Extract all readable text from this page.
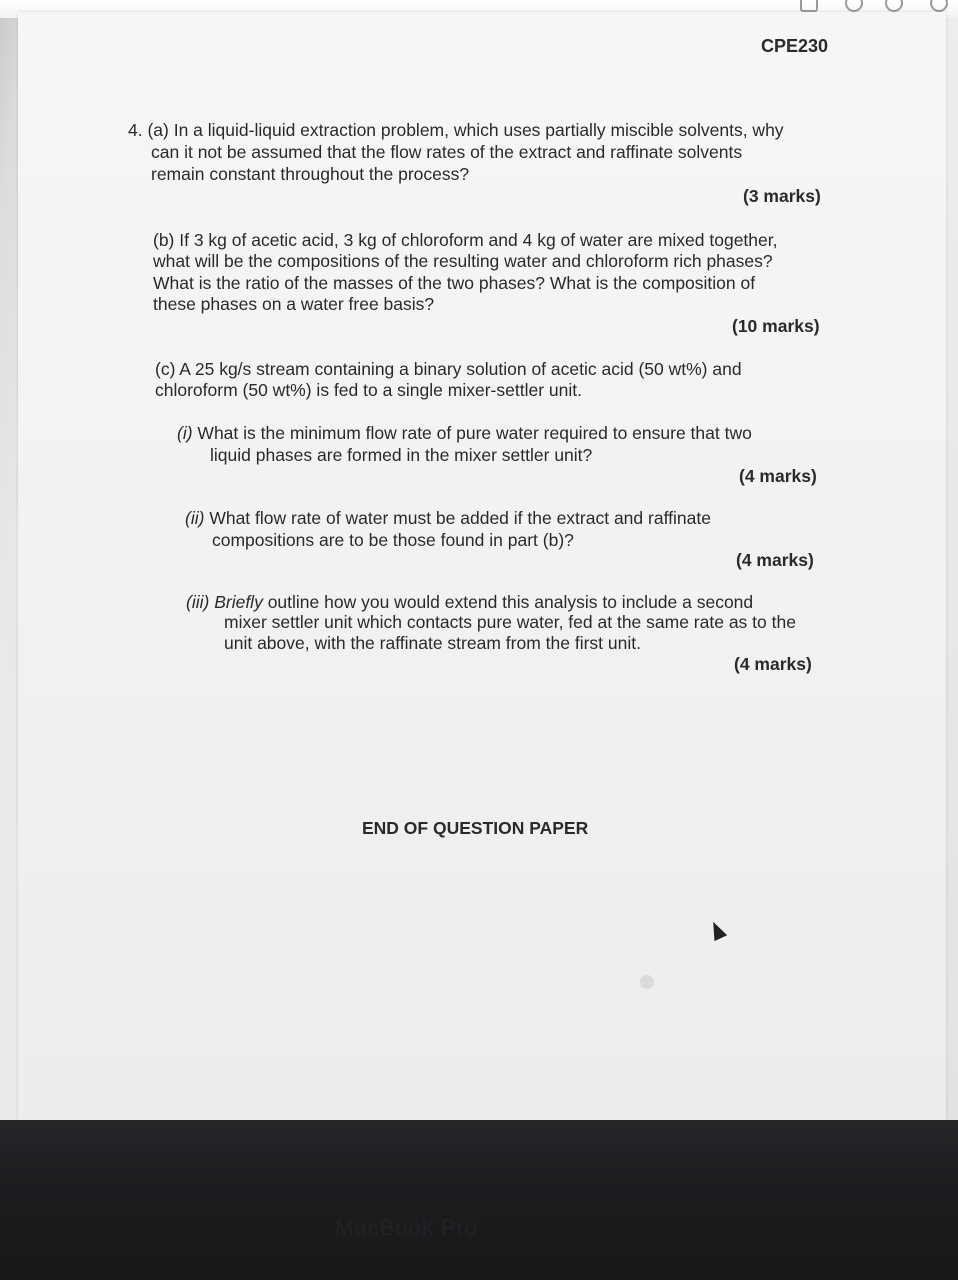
CPE230
4. (a) In a liquid-liquid extraction problem, which uses partially miscible solvents, why
can it not be assumed that the flow rates of the extract and raffinate solvents
remain constant throughout the process?
(3 marks)
(b) If 3 kg of acetic acid, 3 kg of chloroform and 4 kg of water are mixed together,
what will be the compositions of the resulting water and chloroform rich phases?
What is the ratio of the masses of the two phases? What is the composition of
these phases on a water free basis?
(10 marks)
(c) A 25 kg/s stream containing a binary solution of acetic acid (50 wt%) and
chloroform (50 wt%) is fed to a single mixer-settler unit.
(i) What is the minimum flow rate of pure water required to ensure that two
liquid phases are formed in the mixer settler unit?
(4 marks)
(ii) What flow rate of water must be added if the extract and raffinate
compositions are to be those found in part (b)?
(4 marks)
(iii) Briefly outline how you would extend this analysis to include a second
mixer settler unit which contacts pure water, fed at the same rate as to the
unit above, with the raffinate stream from the first unit.
(4 marks)
END OF QUESTION PAPER
MacBook Pro
